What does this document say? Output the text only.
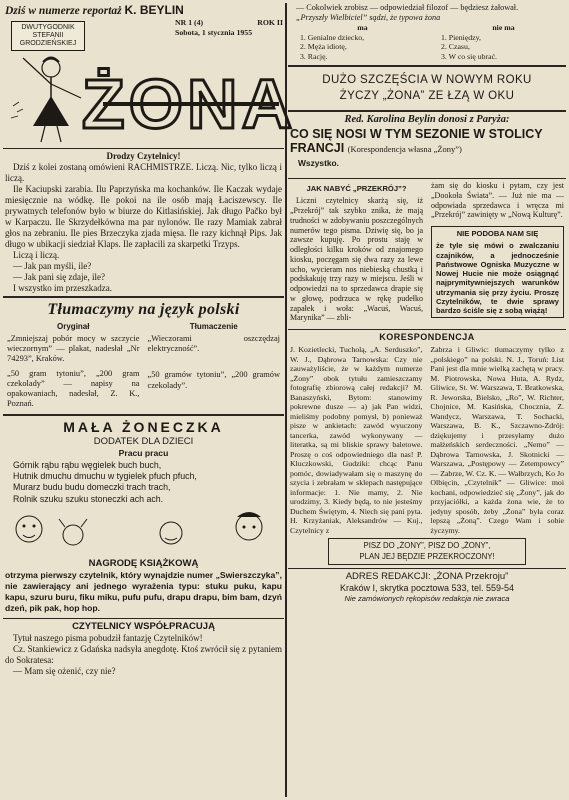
Dziś w numerze reportaż K. BEYLIN
DWUTYGODNIK
STEFANII
GRODZIEŃSKIEJ
NR 1 (4)	ROK II
Sobota, 1 stycznia 1955
ŻONA
Drodzy Czytelnicy!

Dziś z kolei zostaną omówieni RACHMISTRZE. Liczą. Nic, tylko liczą i liczą.

Ile Kaciupski zarabia. Ilu Paprzyńska ma kochanków. Ile Kaczak wydaje miesięcznie na wódkę. Ile pokoi na ile osób mają Łaciszewscy. Ile prywatnych telefonów było w biurze do Kitlasińskiej. Jak długo Pačko był w Karpaczu. Ile Skrzydełkówna ma par nylonów. Ile razy Mamiak zabrał głos na zebraniu. Ile pies Brzeczyka zjada mięsa. Ile razy kichnął Pips. Jak długo w ubikacji siedział Klaps. Ile zapłacili za skarpetki Trzyps.

Liczą i liczą.

— Jak pan myśli, ile?

— Jak pani się zdaje, ile?

I wszystko im przeszkadza.

Tłumaczymy na język polski
Oryginał

„Zmniejszaj pobór mocy w szczycie wieczornym” — plakat, nadesłał „Nr 74293”, Kraków.

„50 gram tytoniu”, „200 gram czekolady” — napisy na opakowaniach, nadesłał, Z. K., Poznań.

Tłumaczenie

„Wieczorami oszczędzaj elektryczność”.

„50 gramów tytoniu”, „200 gramów czekolady”.

MAŁA ŻONECZKA
DODATEK DLA DZIECI
Pracu pracu
Górnik rąbu rąbu węgielek buch buch,
Hutnik dmuchu dmuchu w tygielek pfuch pfuch,
Murarz budu budu domeczki trach trach,
Rolnik szuku szuku stoneczki ach ach.
NAGRODĘ KSIĄŻKOWĄ

otrzyma pierwszy czytelnik, który wynajdzie numer „Swierszczyka”, nie zawierający ani jednego wyrażenia typu: stuku puku, kapu kapu, szuru buru, fiku miku, pufu pufu, drapu drapu, bim bam, dzyń dzeń, pik pak, hop hop.

CZYTELNICY WSPÓŁPRACUJĄ

Tytuł naszego pisma pobudził fantazję Czytelników!

Cz. Stankiewicz z Gdańska nadsyła anegdotę. Ktoś zwrócił się z pytaniem do Sokratesa:

— Mam się ożenić, czy nie?

— Cokolwiek zrobisz — odpowiedział filozof — będziesz żałował.

„Przyszły Wielbiciel” sądzi, że typowa żona

ma
1. Genialne dziecko,
2. Męża idiotę,
3. Rację.
nie ma
1. Pieniędzy,
2. Czasu,
3. W co się ubrać.
DUŻO SZCZĘŚCIA W NOWYM ROKU
ŻYCZY „ŻONA” ZE ŁZĄ W OKU
Red. Karolina Beylin donosi z Paryża:
CO SIĘ NOSI W TYM SEZONIE W STOLICY FRANCJI (Korespondencja własna „Żony”)

Wszystko.

JAK NABYĆ „PRZEKRÓJ”?

Liczni czytelnicy skarżą się, iż „Przekrój” tak szybko znika, że mają trudności w zdobywaniu poszczególnych numerów tego pisma. Dziwię się, bo ja zawsze kupuję. Po prostu staję w odległości kilku kroków od znajomego kiosku, poczęgam się dwa razy za lewe ucho, wycieram nos niebieską chustką i podskakuję trzy razy w miejscu. Jeśli w odpowiedzi na to sprzedawca drapie się w głowę, podrzuca w rękę pudełko zapałek i woła: „Wacuś, Wacuś, Marynika” — zbli-

żam się do kiosku i pytam, czy jest „Dookoła Świata”. — Już nie ma — odpowiada sprzedawca i wręcza mi „Przekrój” zawinięty w „Nową Kulturę”.

NIE PODOBA NAM SIĘ

że tyle się mówi o zwalczaniu czajników, a jednocześnie Państwowe Ogniska Muzyczne w Nowej Hucie nie może osiągnąć najprymitywniejszych warunków utrzymania się przy życiu. Proszę Czytelników, te dwie sprawy bardzo ściśle się z sobą wiążą!

KORESPONDENCJA

J. Kozietlecki, Tucholą, „A. Serduszko”, W. J., Dąbrowa Tarnowska: Czy nie zauważyliście, że w każdym numerze „Żony” obok tytułu zamieszczamy fotografię zbiorową całej redakcji? M. Banaszyński, Bytom: stanowimy pokrewne dusze — a) jak Pan widzi, mieliśmy podobny pomysł, b) ponieważ pisze w ankietach: zawód wyuczony tancerka, zawód wykonywany — literatka, są mi bliskie sprawy baletowe. Proszę o coś odpowiedniego dla nas! P. Kluczkowski, Gudziki: chcąc Panu pomóc, dowiadywałam się o maszynę do szycia i zebrałam w sklepach następujące informacje: 1. Nie mamy, 2. Nie urodzimy, 3. Kiedy będą, to nie jesteśmy Duchem Świętym, 4. Niech się pani pyta. H. Krzyżaniak, Aleksandrów — Kuj., Czytelnicy z

Zabrza i Gliwic: tłumaczymy tylko z „polskiego” na polski. N. J., Toruń: List Pani jest dla mnie wielką zachętą w pracy. M. Piotrowska, Nowa Huta, A. Rydz, Gliwice, St. W. Warszawa, T. Bratkowska, R. Jeworska, Bielsko, „Ro”, W. Richter, Chojnice, M. Kasińska, Chocznia, Z. Wandycz, Warszawa, T. Sochacki, Warszawa, B. K., Szczawno-Zdrój: dziękujemy i przesyłamy dużo małżeńskich serdeczności. „Nemo” — Dąbrowa Tarnowska, J. Skotnicki — Warszawa, „Postępowy — Zetempowcy” — Zabrze, W. Cz. K. — Wałbrzych, Ko Jo Olbięcin, „Czytelnik” — Gliwice: moi kochani, odpowiedzieć się „Żony”, jak do przyjaciółki, a każda żona wie, że to jedyny sposób, żeby „Żona” była coraz lepszą „Żoną”. Czego Wam i sobie życzymy.

PISZ DO „ŻONY”, PISZ DO „ŻONY”,
PLAN JEJ BĘDZIE PRZEKROCZONY!
ADRES REDAKCJI: „ŻONA Przekroju”
Kraków I, skrytka pocztowa 533, tel. 559-54
Nie zamówionych rękopisów redakcja nie zwraca
